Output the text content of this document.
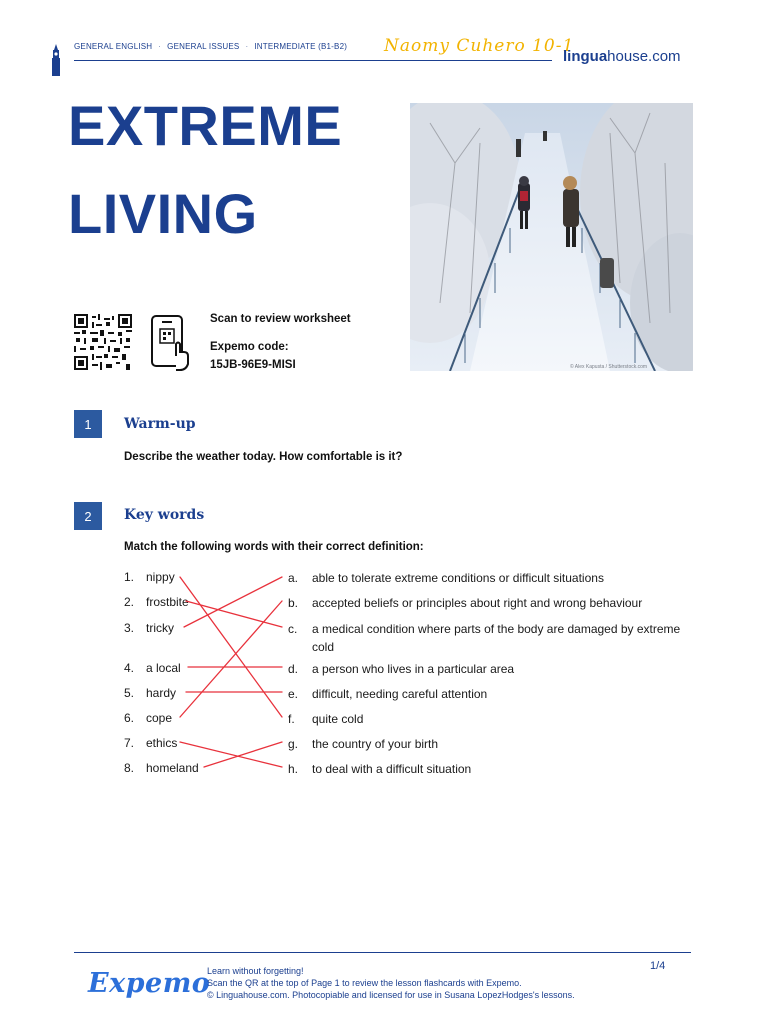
GENERAL ENGLISH · GENERAL ISSUES · INTERMEDIATE (B1-B2) Naomy Cuhero 10-1
linguahouse.com
EXTREME
LIVING
© Alex Kapusta / Shutterstock.com
Scan to review worksheet
Expemo code:
15JB-96E9-MISI
1	Warm-up
Describe the weather today. How comfortable is it?
2	Key words
Match the following words with their correct definition:
1. nippy
2. frostbite
3. tricky
4. a local
5. hardy
6. cope
7. ethics
8. homeland
a. able to tolerate extreme conditions or difficult situations
b. accepted beliefs or principles about right and wrong behaviour
c. a medical condition where parts of the body are damaged by extreme cold
d. a person who lives in a particular area
e. difficult, needing careful attention
f. quite cold
g. the country of your birth
h. to deal with a difficult situation
Expemo
Learn without forgetting!
Scan the QR at the top of Page 1 to review the lesson flashcards with Expemo.
© Linguahouse.com. Photocopiable and licensed for use in Susana LopezHodges's lessons.
1/4
